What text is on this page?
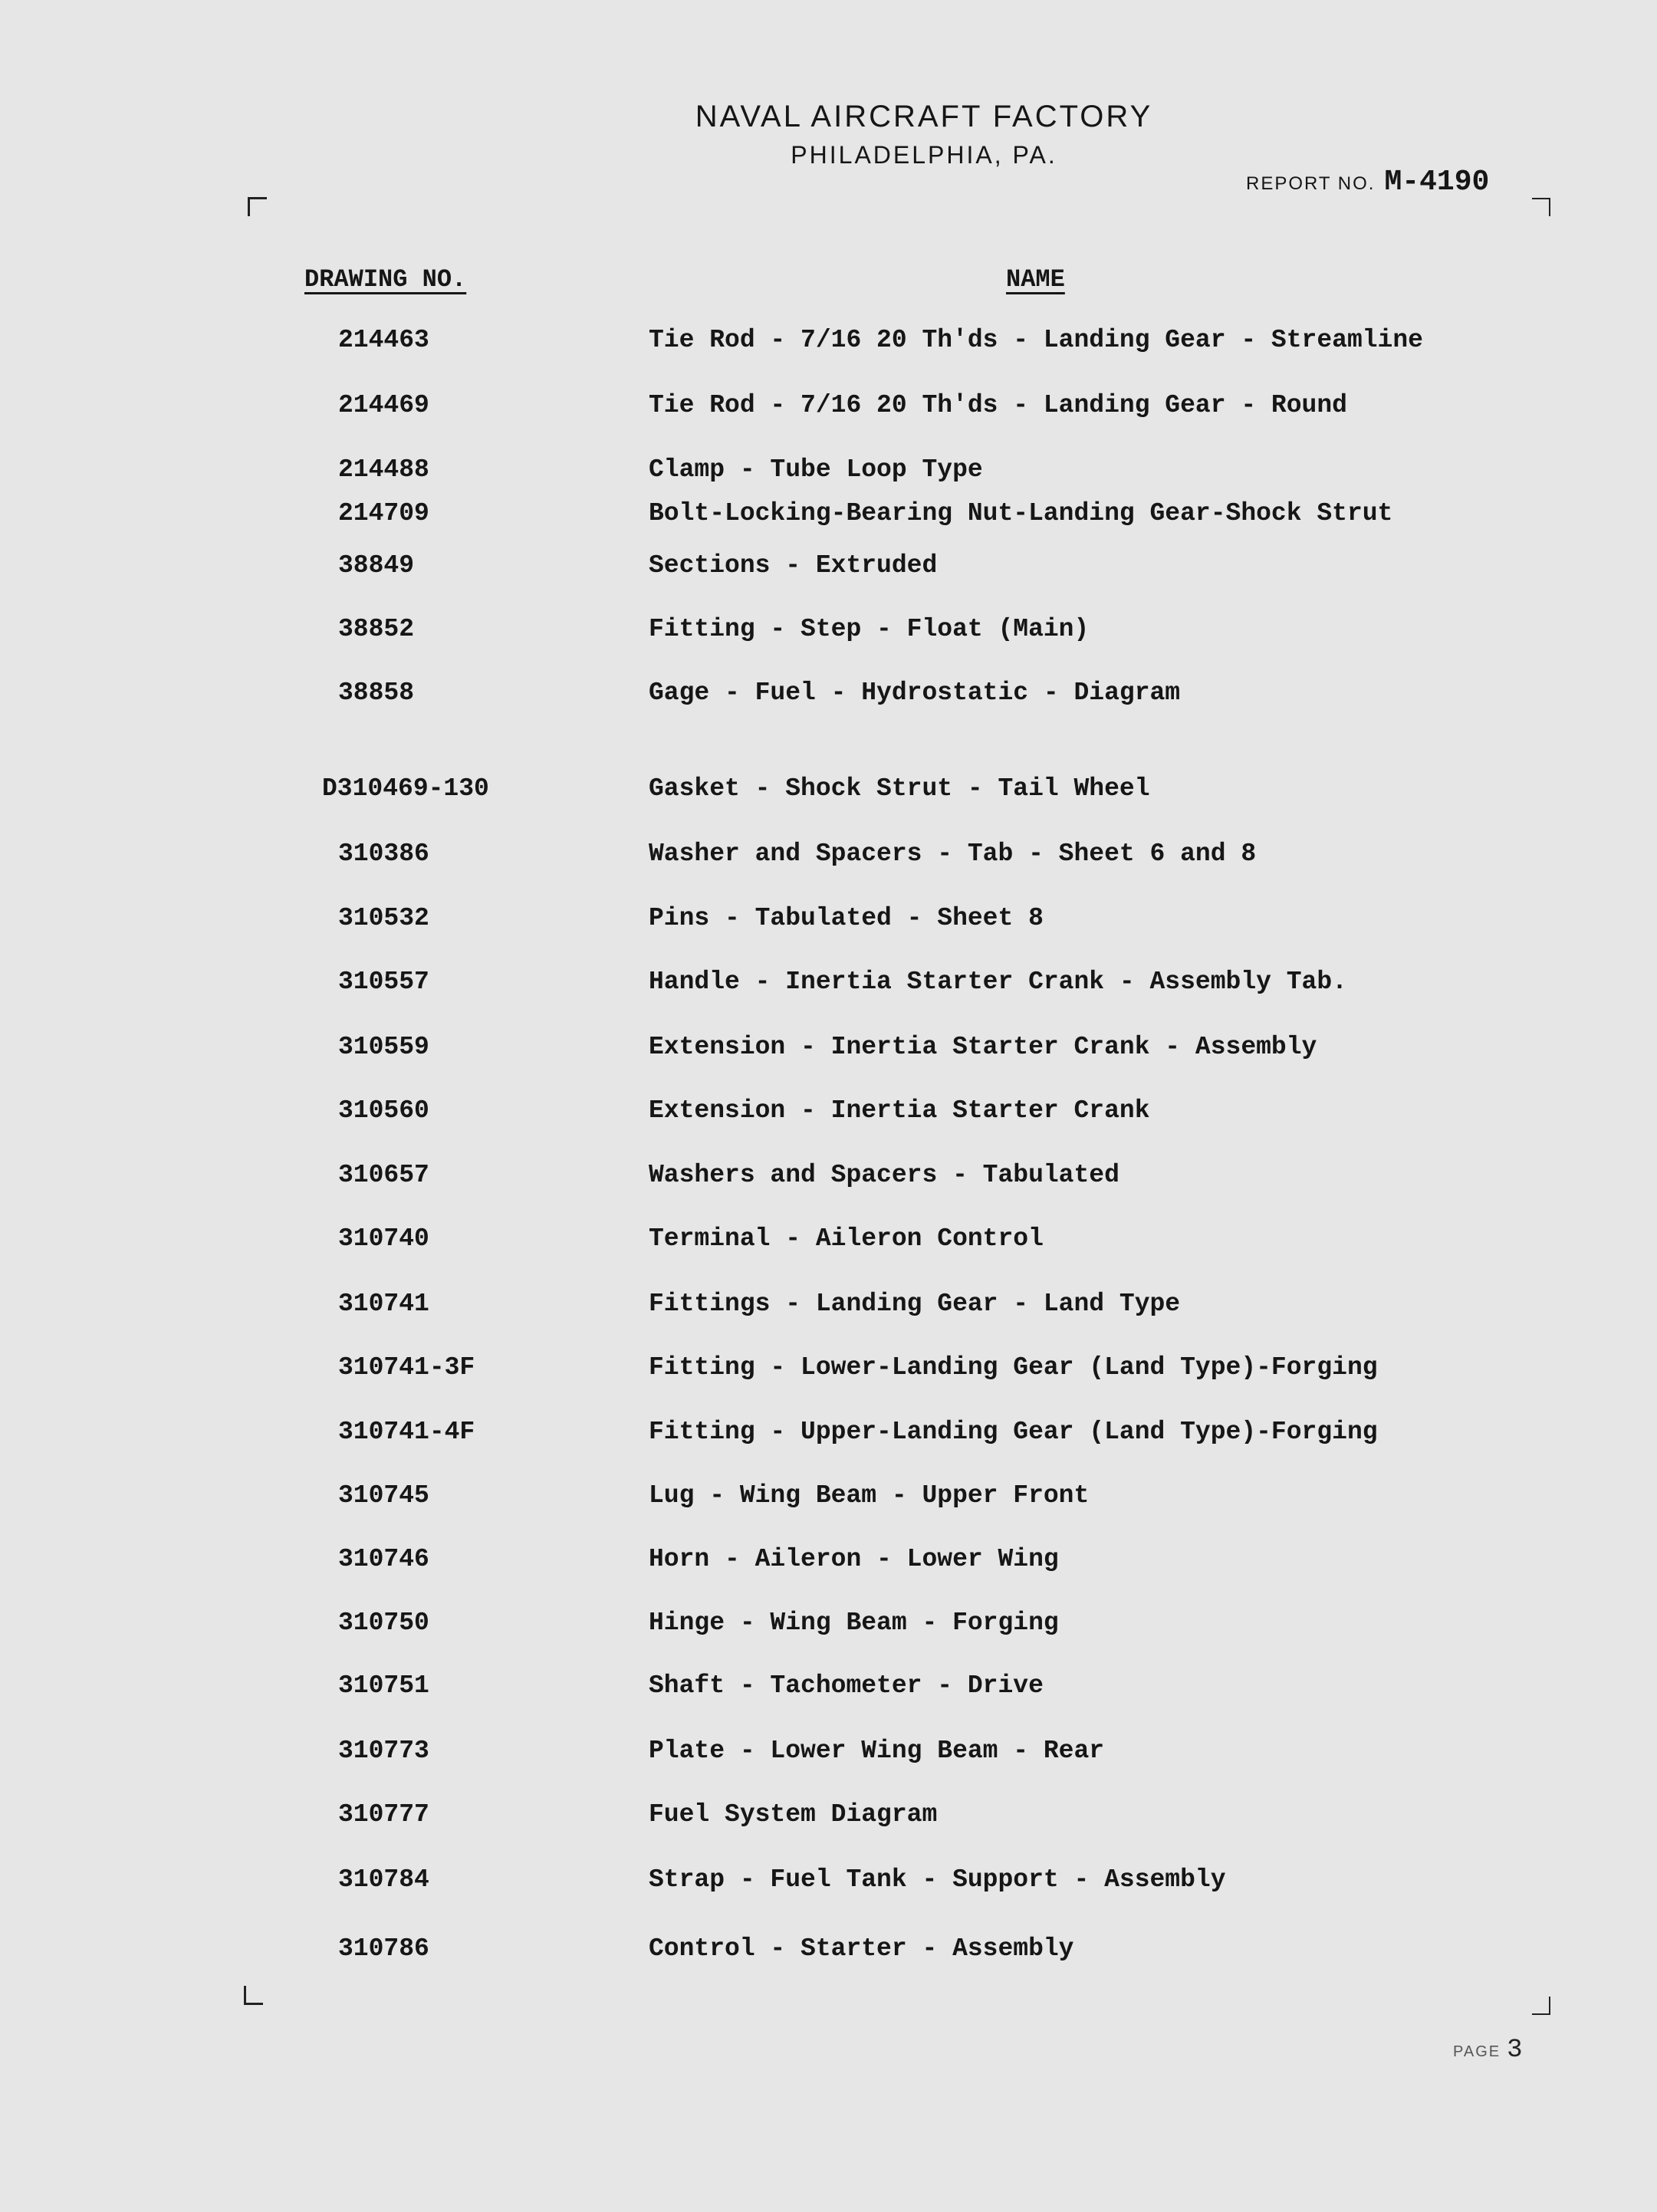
NAVAL AIRCRAFT FACTORY
PHILADELPHIA, PA.
REPORT NO. M-4190
DRAWING NO.	NAME
214463	Tie Rod - 7/16 20 Th'ds - Landing Gear - Streamline
214469	Tie Rod - 7/16 20 Th'ds - Landing Gear - Round
214488	Clamp - Tube Loop Type
214709	Bolt-Locking-Bearing Nut-Landing Gear-Shock Strut
38849	Sections - Extruded
38852	Fitting - Step - Float (Main)
38858	Gage - Fuel - Hydrostatic - Diagram
D310469-130	Gasket - Shock Strut - Tail Wheel
310386	Washer and Spacers - Tab - Sheet 6 and 8
310532	Pins - Tabulated - Sheet 8
310557	Handle - Inertia Starter Crank - Assembly Tab.
310559	Extension - Inertia Starter Crank - Assembly
310560	Extension - Inertia Starter Crank
310657	Washers and Spacers - Tabulated
310740	Terminal - Aileron Control
310741	Fittings - Landing Gear - Land Type
310741-3F	Fitting - Lower-Landing Gear (Land Type)-Forging
310741-4F	Fitting - Upper-Landing Gear (Land Type)-Forging
310745	Lug - Wing Beam - Upper Front
310746	Horn - Aileron - Lower Wing
310750	Hinge - Wing Beam - Forging
310751	Shaft - Tachometer - Drive
310773	Plate - Lower Wing Beam - Rear
310777	Fuel System Diagram
310784	Strap - Fuel Tank - Support - Assembly
310786	Control - Starter - Assembly
PAGE 3
